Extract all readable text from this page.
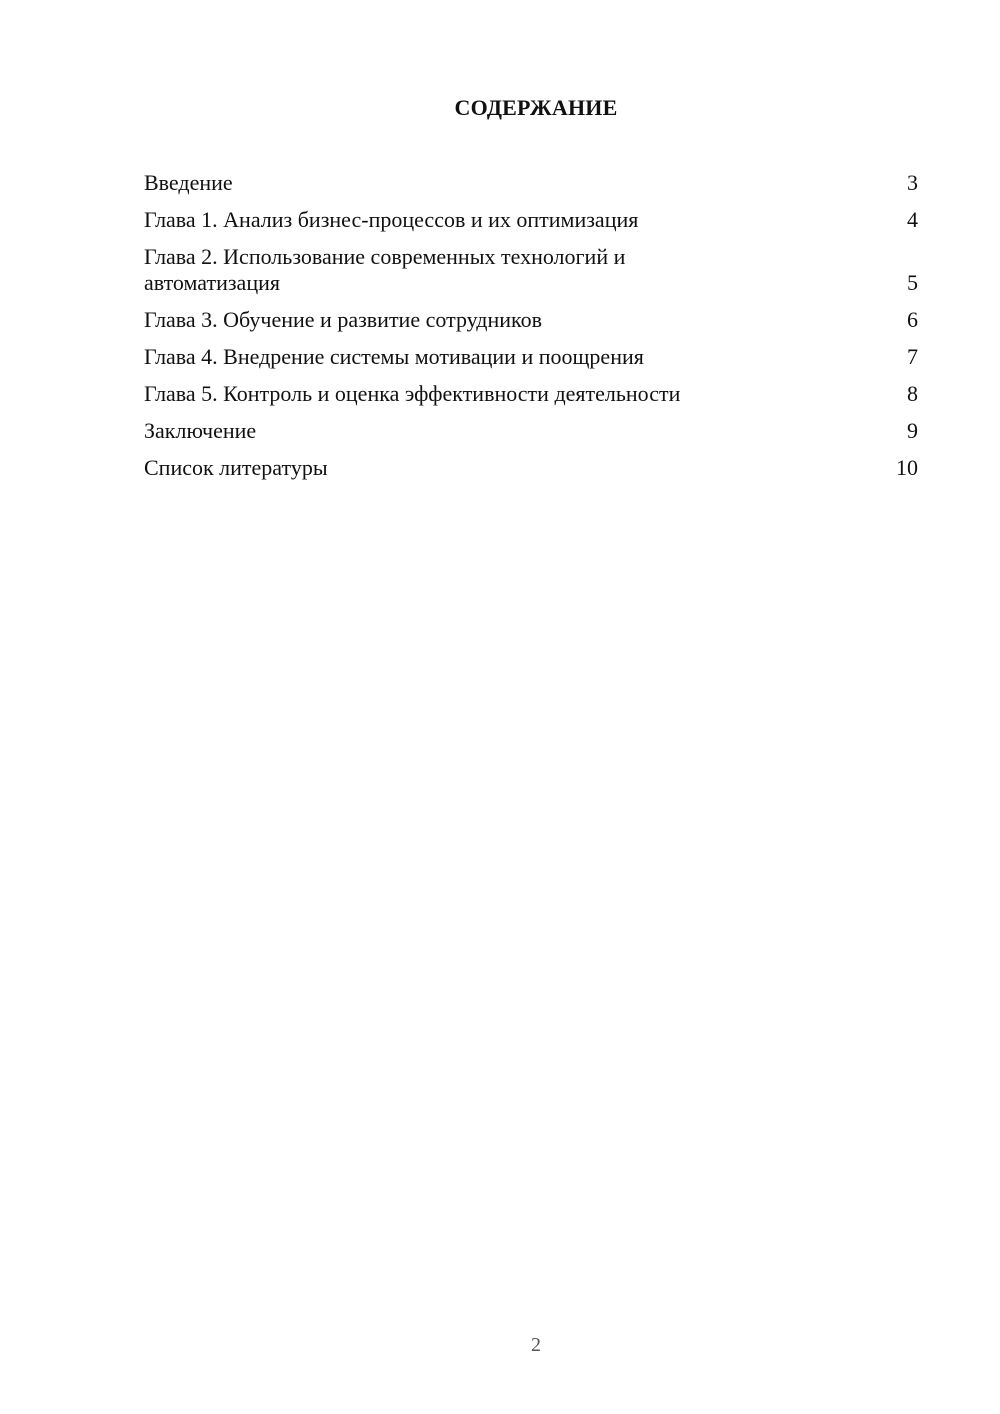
СОДЕРЖАНИЕ
Введение	3
Глава 1. Анализ бизнес-процессов и их оптимизация	4
Глава 2. Использование современных технологий и автоматизация	5
Глава 3. Обучение и развитие сотрудников	6
Глава 4. Внедрение системы мотивации и поощрения	7
Глава 5. Контроль и оценка эффективности деятельности	8
Заключение	9
Список литературы	10
2
